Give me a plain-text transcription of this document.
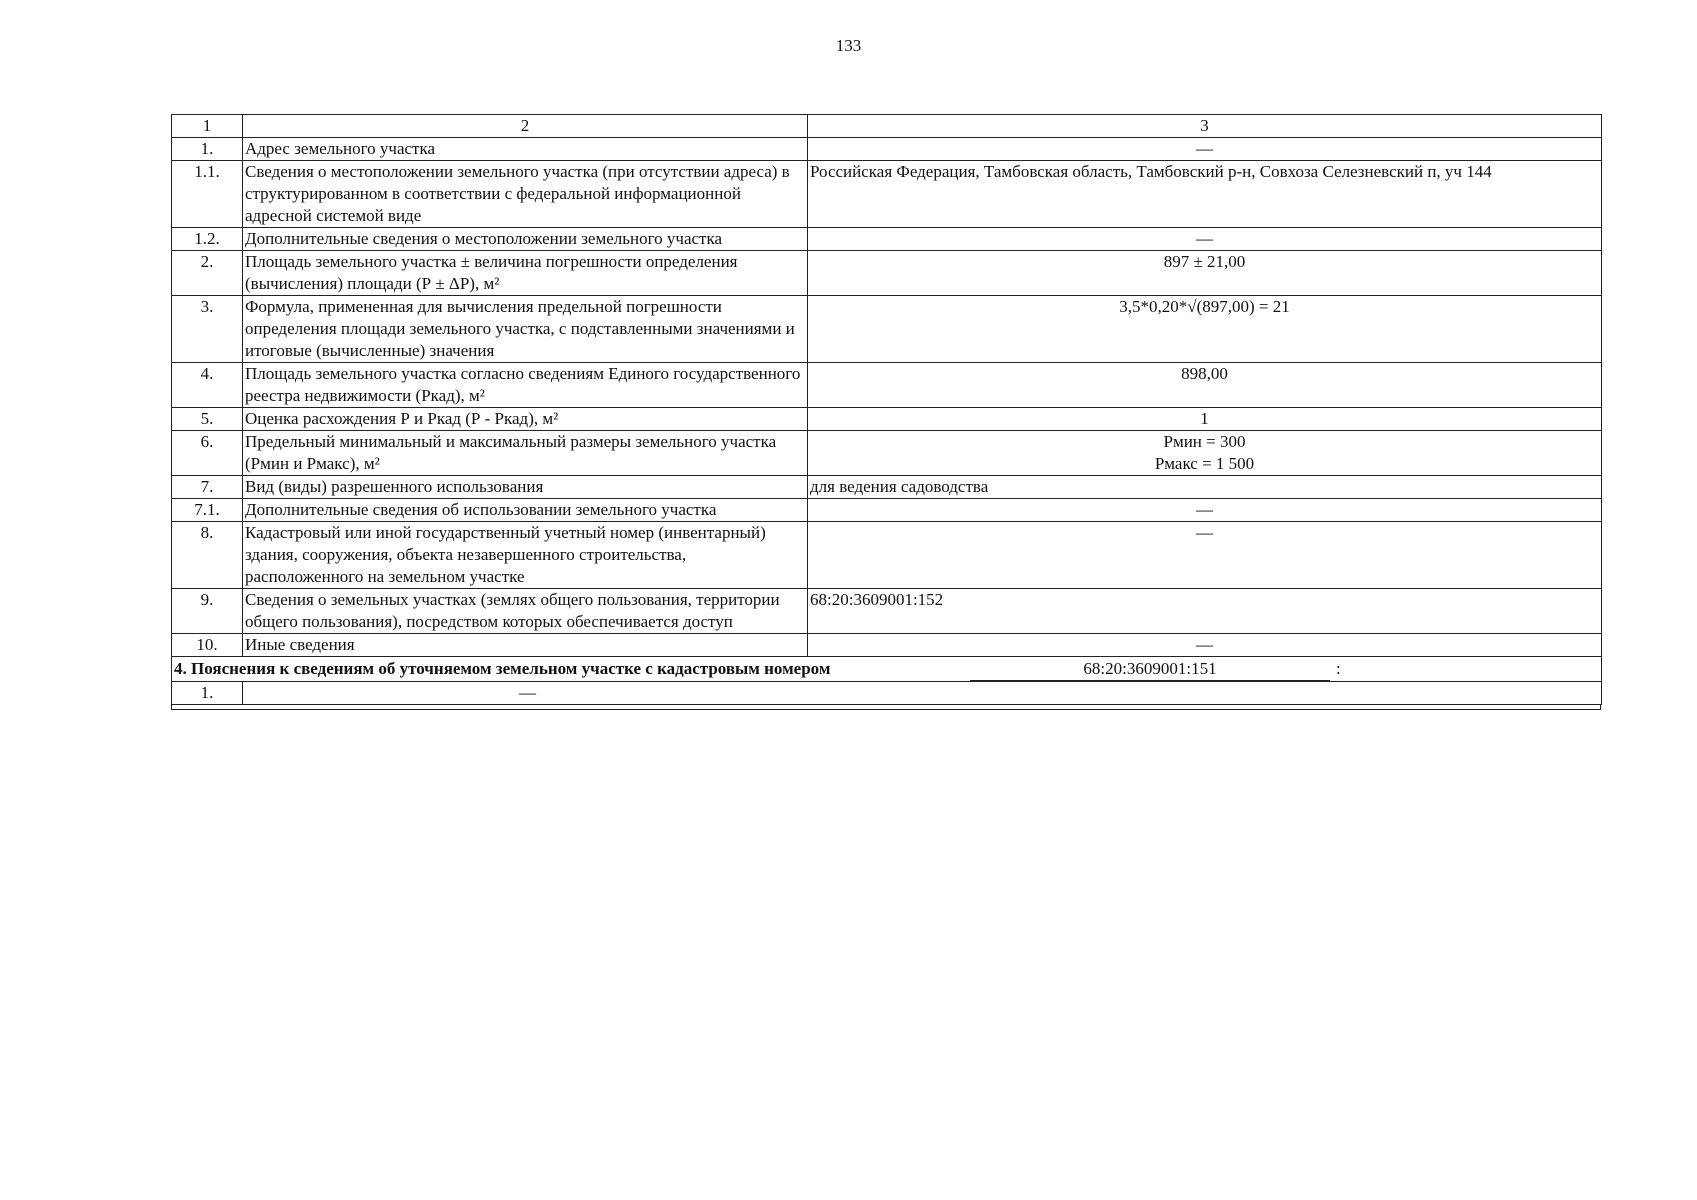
133
1	2	3
1.	Адрес земельного участка	—
1.1.	Сведения о местоположении земельного участка (при отсутствии адреса) в структурированном в соответствии с федеральной информационной адресной системой виде	Российская Федерация, Тамбовская область, Тамбовский р-н, Совхоза Селезневский п, уч 144
1.2.	Дополнительные сведения о местоположении земельного участка	—
2.	Площадь земельного участка ± величина погрешности определения (вычисления) площади (Р ± ΔР), м²	897 ± 21,00
3.	Формула, примененная для вычисления предельной погрешности определения площади земельного участка, с подставленными значениями и итоговые (вычисленные) значения	3,5*0,20*√(897,00) = 21
4.	Площадь земельного участка согласно сведениям Единого государственного реестра недвижимости (Ркад), м²	898,00
5.	Оценка расхождения Р и Ркад (Р - Ркад), м²	1
6.	Предельный минимальный и максимальный размеры земельного участка (Рмин и Рмакс), м²	Рмин = 300
Рмакс = 1 500

7.	Вид (виды) разрешенного использования	для ведения садоводства
7.1.	Дополнительные сведения об использовании земельного участка	—
8.	Кадастровый или иной государственный учетный номер (инвентарный) здания, сооружения, объекта незавершенного строительства, расположенного на земельном участке	—
9.	Сведения о земельных участках (землях общего пользования, территории общего пользования), посредством которых обеспечивается доступ	68:20:3609001:152
10.	Иные сведения	—

4. Пояснения к сведениям об уточняемом земельном участке с кадастровым номером 68:20:3609001:151 :		

1.	—	
